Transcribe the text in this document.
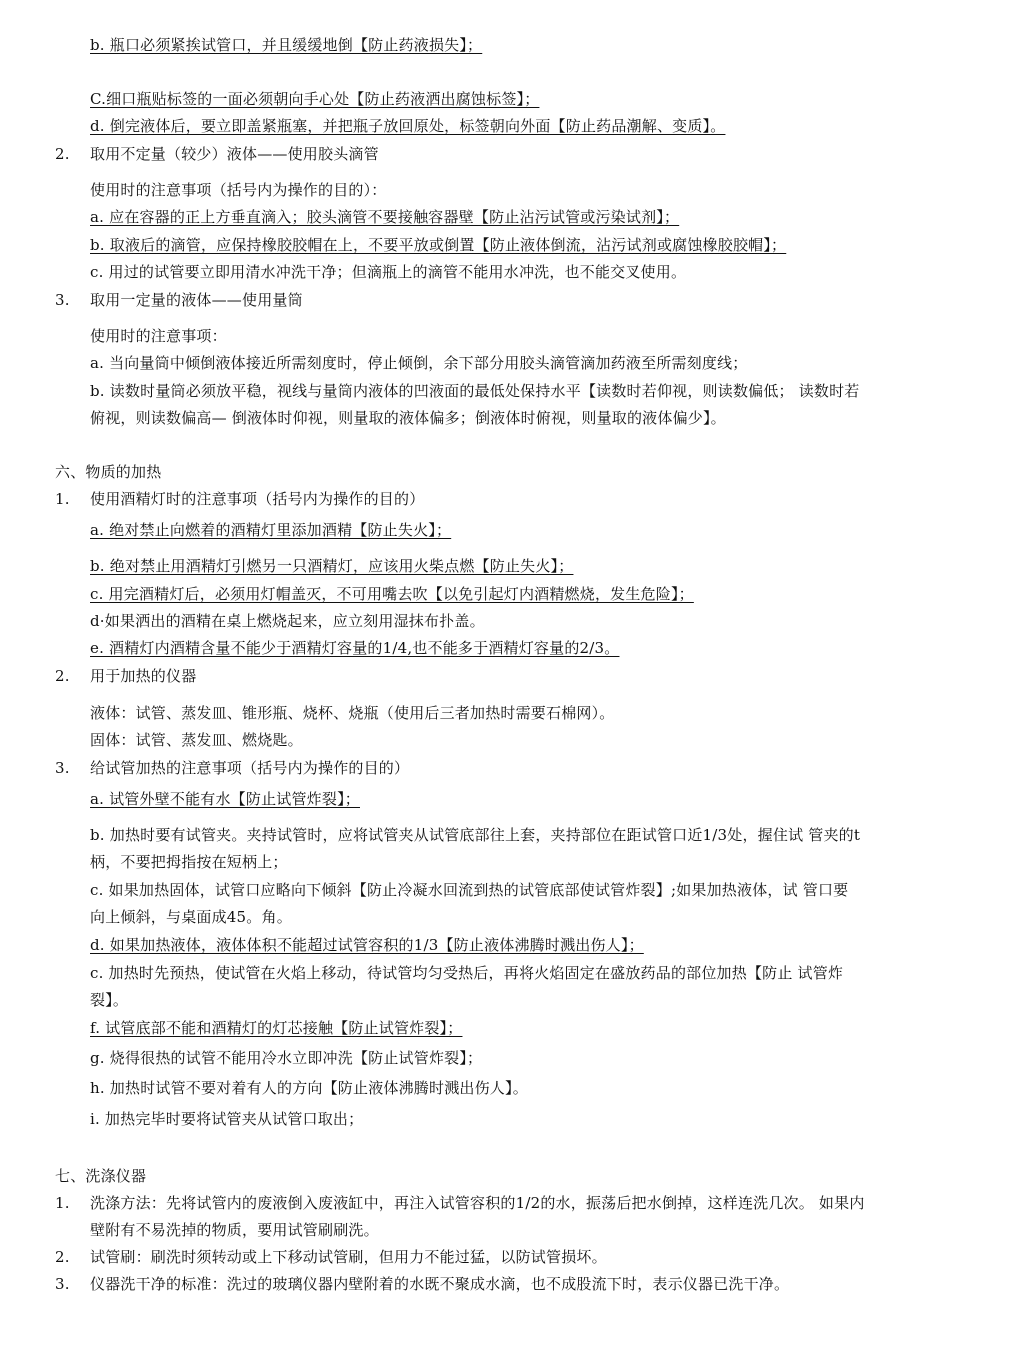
b. 瓶口必须紧挨试管口，并且缓缓地倒【防止药液损失】；
C.细口瓶贴标签的一面必须朝向手心处【防止药液洒出腐蚀标签】；
d. 倒完液体后，要立即盖紧瓶塞，并把瓶子放回原处，标签朝向外面【防止药品潮解、变质】。
2. 取用不定量（较少）液体——使用胶头滴管
使用时的注意事项（括号内为操作的目的）：
a. 应在容器的正上方垂直滴入；胶头滴管不要接触容器壁【防止沾污试管或污染试剂】；
b. 取液后的滴管，应保持橡胶胶帽在上，不要平放或倒置【防止液体倒流，沾污试剂或腐蚀橡胶胶帽】；
c. 用过的试管要立即用清水冲洗干净；但滴瓶上的滴管不能用水冲洗，也不能交叉使用。
3. 取用一定量的液体——使用量筒
使用时的注意事项：
a. 当向量筒中倾倒液体接近所需刻度时，停止倾倒，余下部分用胶头滴管滴加药液至所需刻度线；
b. 读数时量筒必须放平稳，视线与量筒内液体的凹液面的最低处保持水平【读数时若仰视，则读数偏低； 读数时若
俯视，则读数偏高— 倒液体时仰视，则量取的液体偏多；倒液体时俯视，则量取的液体偏少】。
六、物质的加热
1. 使用酒精灯时的注意事项（括号内为操作的目的）
a. 绝对禁止向燃着的酒精灯里添加酒精【防止失火】；
b. 绝对禁止用酒精灯引燃另一只酒精灯，应该用火柴点燃【防止失火】；
c. 用完酒精灯后，必须用灯帽盖灭，不可用嘴去吹【以免引起灯内酒精燃烧，发生危险】；
d·如果洒出的酒精在桌上燃烧起来，应立刻用湿抹布扑盖。
e. 酒精灯内酒精含量不能少于酒精灯容量的1/4,也不能多于酒精灯容量的2/3。
2. 用于加热的仪器
液体：试管、蒸发皿、锥形瓶、烧杯、烧瓶（使用后三者加热时需要石棉网）。
固体：试管、蒸发皿、燃烧匙。
3. 给试管加热的注意事项（括号内为操作的目的）
a. 试管外壁不能有水【防止试管炸裂】；
b. 加热时要有试管夹。夹持试管时，应将试管夹从试管底部往上套，夹持部位在距试管口近1/3处，握住试 管夹的t
柄，不要把拇指按在短柄上；
c. 如果加热固体，试管口应略向下倾斜【防止冷凝水回流到热的试管底部使试管炸裂】;如果加热液体，试 管口要
向上倾斜，与桌面成45。角。
d. 如果加热液体，液体体积不能超过试管容积的1/3【防止液体沸腾时溅出伤人】；
c. 加热时先预热，使试管在火焰上移动，待试管均匀受热后，再将火焰固定在盛放药品的部位加热【防止 试管炸
裂】。
f. 试管底部不能和酒精灯的灯芯接触【防止试管炸裂】；
g. 烧得很热的试管不能用冷水立即冲洗【防止试管炸裂】；
h. 加热时试管不要对着有人的方向【防止液体沸腾时溅出伤人】。
i. 加热完毕时要将试管夹从试管口取出；
七、洗涤仪器
1. 洗涤方法：先将试管内的废液倒入废液缸中，再注入试管容积的1/2的水，振荡后把水倒掉，这样连洗几次。 如果内
壁附有不易洗掉的物质，要用试管刷刷洗。
2. 试管刷：刷洗时须转动或上下移动试管刷，但用力不能过猛，以防试管损坏。
3. 仪器洗干净的标准：洗过的玻璃仪器内壁附着的水既不聚成水滴，也不成股流下时，表示仪器已洗干净。
